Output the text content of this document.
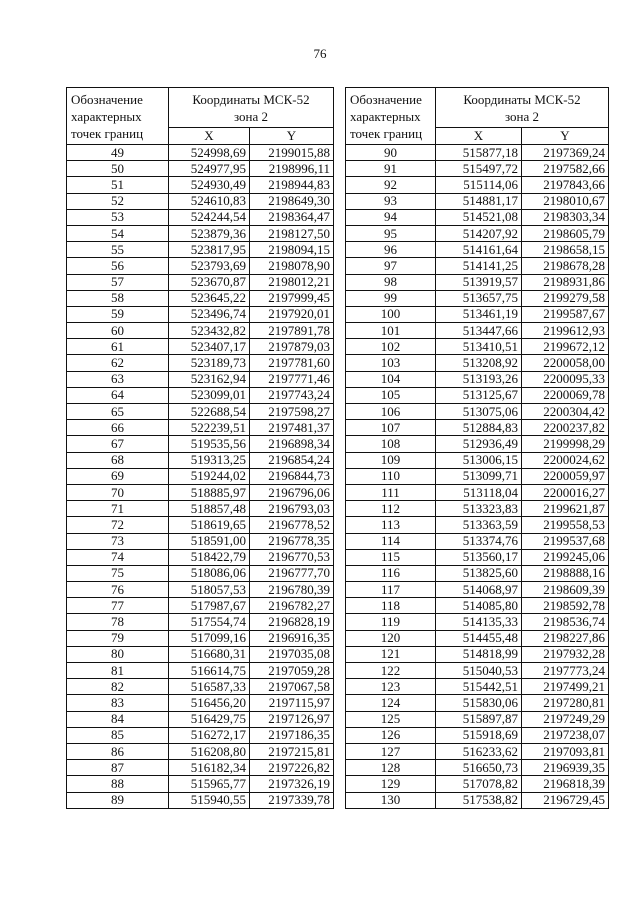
76
Обозначение
характерных
точек границ	Координаты МСК-52
зона 2	

	X	Y
49	524998,69	2199015,88
50	524977,95	2198996,11
51	524930,49	2198944,83
52	524610,83	2198649,30
53	524244,54	2198364,47
54	523879,36	2198127,50
55	523817,95	2198094,15
56	523793,69	2198078,90
57	523670,87	2198012,21
58	523645,22	2197999,45
59	523496,74	2197920,01
60	523432,82	2197891,78
61	523407,17	2197879,03
62	523189,73	2197781,60
63	523162,94	2197771,46
64	523099,01	2197743,24
65	522688,54	2197598,27
66	522239,51	2197481,37
67	519535,56	2196898,34
68	519313,25	2196854,24
69	519244,02	2196844,73
70	518885,97	2196796,06
71	518857,48	2196793,03
72	518619,65	2196778,52
73	518591,00	2196778,35
74	518422,79	2196770,53
75	518086,06	2196777,70
76	518057,53	2196780,39
77	517987,67	2196782,27
78	517554,74	2196828,19
79	517099,16	2196916,35
80	516680,31	2197035,08
81	516614,75	2197059,28
82	516587,33	2197067,58
83	516456,20	2197115,97
84	516429,75	2197126,97
85	516272,17	2197186,35
86	516208,80	2197215,81
87	516182,34	2197226,82
88	515965,77	2197326,19
89	515940,55	2197339,78
Обозначение
характерных
точек границ	Координаты МСК-52
зона 2	

	X	Y
90	515877,18	2197369,24
91	515497,72	2197582,66
92	515114,06	2197843,66
93	514881,17	2198010,67
94	514521,08	2198303,34
95	514207,92	2198605,79
96	514161,64	2198658,15
97	514141,25	2198678,28
98	513919,57	2198931,86
99	513657,75	2199279,58
100	513461,19	2199587,67
101	513447,66	2199612,93
102	513410,51	2199672,12
103	513208,92	2200058,00
104	513193,26	2200095,33
105	513125,67	2200069,78
106	513075,06	2200304,42
107	512884,83	2200237,82
108	512936,49	2199998,29
109	513006,15	2200024,62
110	513099,71	2200059,97
111	513118,04	2200016,27
112	513323,83	2199621,87
113	513363,59	2199558,53
114	513374,76	2199537,68
115	513560,17	2199245,06
116	513825,60	2198888,16
117	514068,97	2198609,39
118	514085,80	2198592,78
119	514135,33	2198536,74
120	514455,48	2198227,86
121	514818,99	2197932,28
122	515040,53	2197773,24
123	515442,51	2197499,21
124	515830,06	2197280,81
125	515897,87	2197249,29
126	515918,69	2197238,07
127	516233,62	2197093,81
128	516650,73	2196939,35
129	517078,82	2196818,39
130	517538,82	2196729,45
